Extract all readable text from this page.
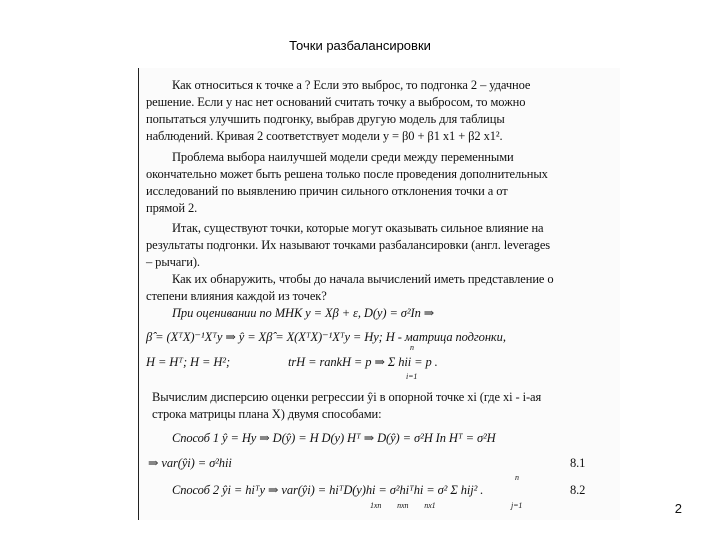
Точки разбалансировки
Как относиться к точке a ? Если это выброс, то подгонка 2 – удачное
решение. Если у нас нет оснований считать точку a выбросом, то можно
попытаться улучшить подгонку, выбрав другую модель для таблицы
наблюдений. Кривая 2 соответствует модели y = β0 + β1 x1 + β2 x1².
Проблема выбора наилучшей модели среди между переменными
окончательно может быть решена только после проведения дополнительных
исследований по выявлению причин сильного отклонения точки a от
прямой 2.
Итак, существуют точки, которые могут оказывать сильное влияние на
результаты подгонки. Их называют точками разбалансировки (англ. leverages
– рычаги).
Как их обнаружить, чтобы до начала вычислений иметь представление о
степени влияния каждой из точек?
При оценивании по МНК y = Xβ + ε, D(y) = σ²In ⇒
β̂ = (XᵀX)⁻¹Xᵀy ⇒ ŷ = Xβ̂ = X(XᵀX)⁻¹Xᵀy = Hy; H - матрица подгонки,
H = Hᵀ; H = H²;	trH = rankH = p ⇒ Σ hii = p .
i=1
n
Вычислим дисперсию оценки регрессии ŷi в опорной точке xi (где xi - i-ая
строка матрицы плана X) двумя способами:
Способ 1 ŷ = Hy ⇒ D(ŷ) = H D(y) Hᵀ ⇒ D(ŷ) = σ²H In Hᵀ = σ²H
⇒ var(ŷi) = σ²hii	8.1
Способ 2 ŷi = hiᵀy ⇒ var(ŷi) = hiᵀD(y)hi = σ²hiᵀhi = σ² Σ hij² .
j=1
n
8.2
1xn nxn nx1	2
